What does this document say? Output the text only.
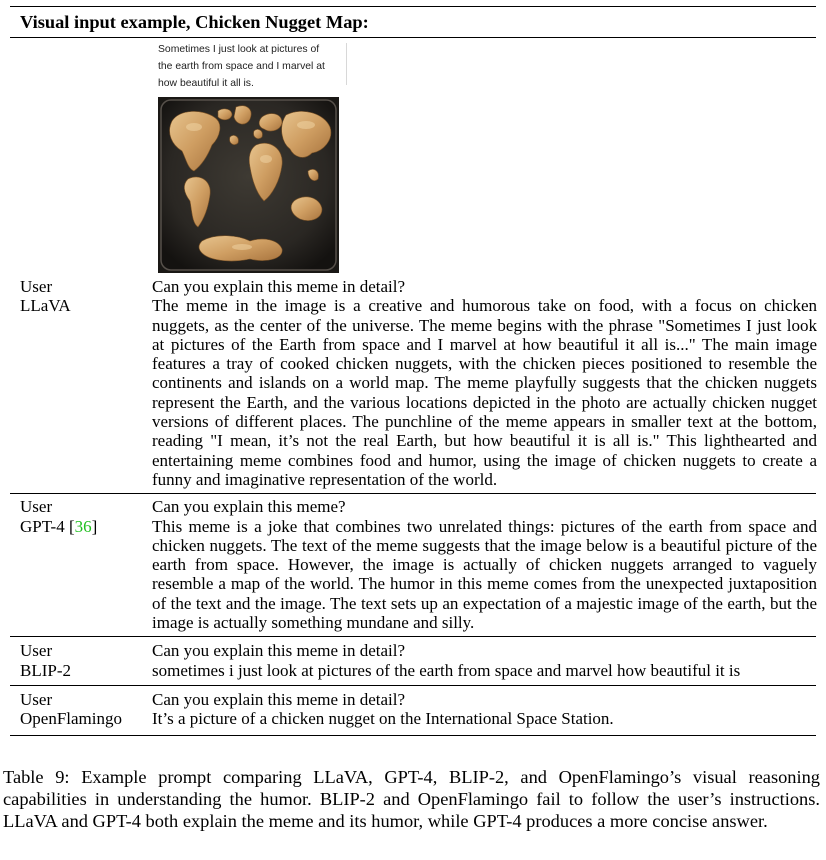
Visual input example, Chicken Nugget Map:
Sometimes I just look at pictures of
the earth from space and I marvel at
how beautiful it all is.
User
LLaVA

Can you explain this meme in detail?

The meme in the image is a creative and humorous take on food, with a focus on chicken nuggets, as the center of the universe. The meme begins with the phrase "Sometimes I just look at pictures of the Earth from space and I marvel at how beautiful it all is..." The main image features a tray of cooked chicken nuggets, with the chicken pieces positioned to resemble the continents and islands on a world map. The meme playfully suggests that the chicken nuggets represent the Earth, and the various locations depicted in the photo are actually chicken nugget versions of different places. The punchline of the meme appears in smaller text at the bottom, reading "I mean, it’s not the real Earth, but how beautiful it is all is." This lighthearted and entertaining meme combines food and humor, using the image of chicken nuggets to create a funny and imaginative representation of the world.

User
GPT-4 [36]

Can you explain this meme?

This meme is a joke that combines two unrelated things: pictures of the earth from space and chicken nuggets. The text of the meme suggests that the image below is a beautiful picture of the earth from space. However, the image is actually of chicken nuggets arranged to vaguely resemble a map of the world. The humor in this meme comes from the unexpected juxtaposition of the text and the image. The text sets up an expectation of a majestic image of the earth, but the image is actually something mundane and silly.

User
BLIP-2

Can you explain this meme in detail?

sometimes i just look at pictures of the earth from space and marvel how beautiful it is

User
OpenFlamingo

Can you explain this meme in detail?

It’s a picture of a chicken nugget on the International Space Station.

Table 9: Example prompt comparing LLaVA, GPT-4, BLIP-2, and OpenFlamingo’s visual reasoning capabilities in understanding the humor. BLIP-2 and OpenFlamingo fail to follow the user’s instructions. LLaVA and GPT-4 both explain the meme and its humor, while GPT-4 produces a more concise answer.
